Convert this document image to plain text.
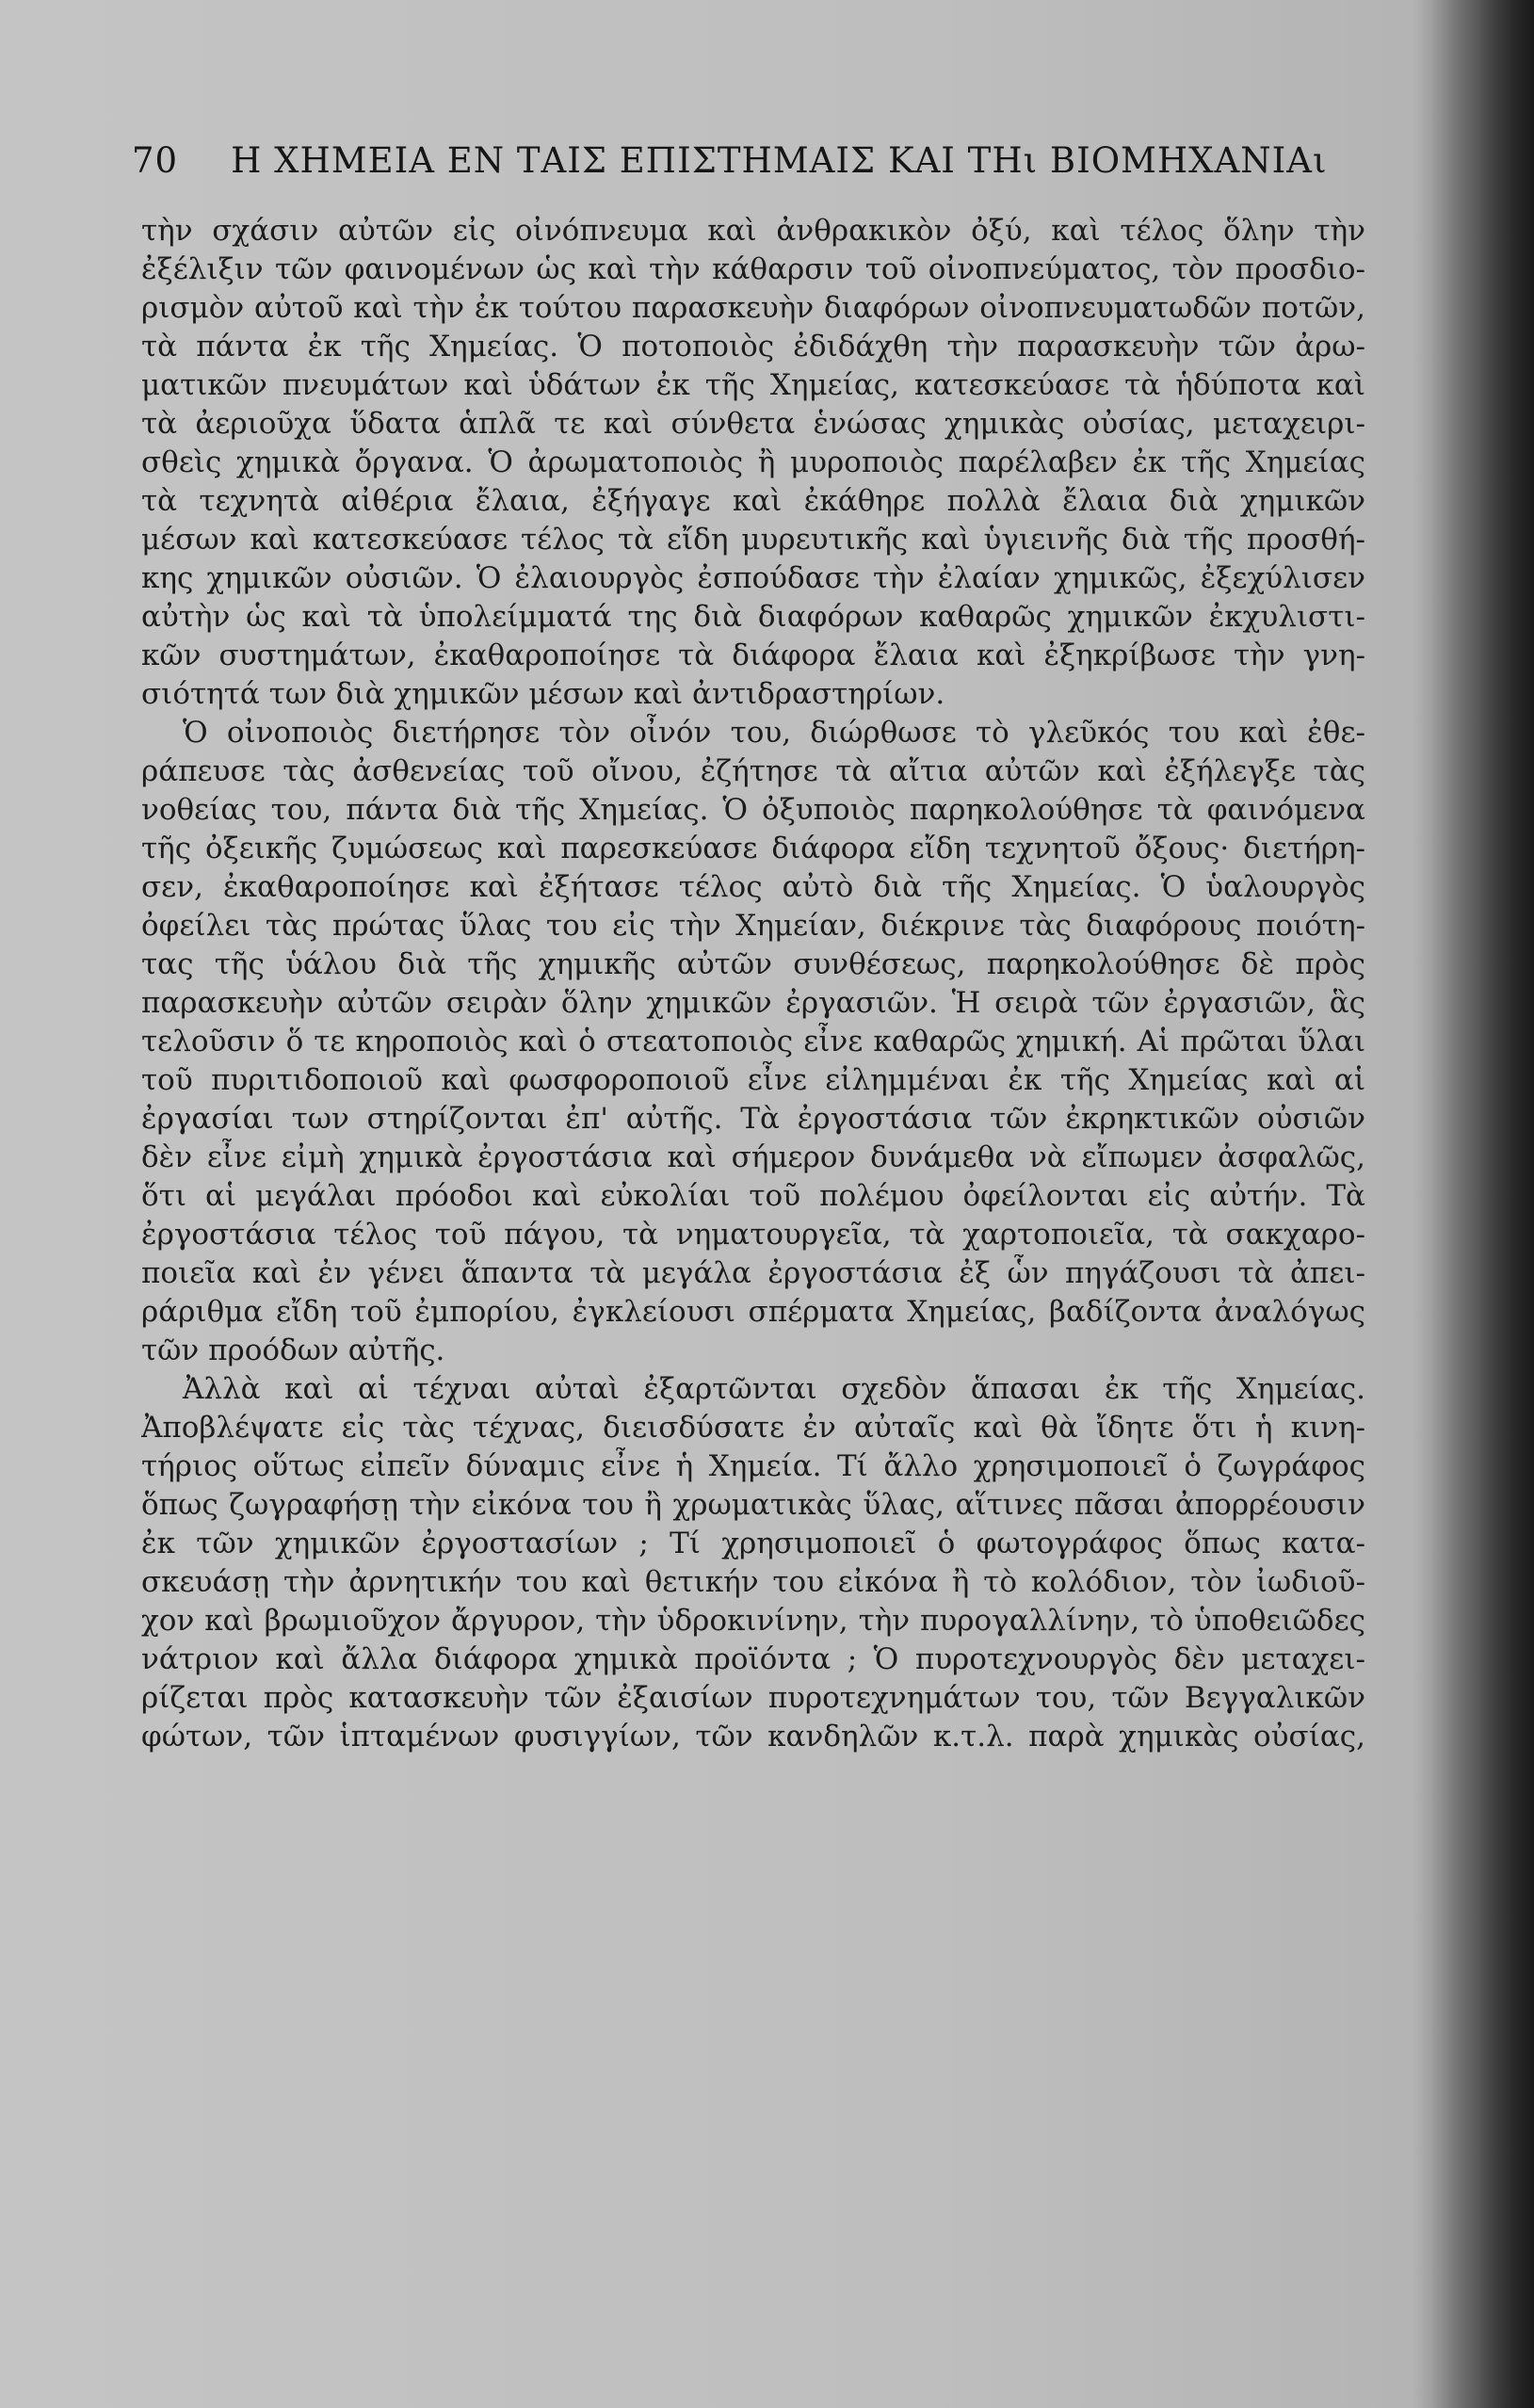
70 Η ΧΗΜΕΙΑ ΕΝ ΤΑΙΣ ΕΠΙΣΤΗΜΑΙΣ ΚΑΙ ΤΗι ΒΙΟΜΗΧΑΝΙΑι
τὴν σχάσιν αὐτῶν εἰς οἰνόπνευμα καὶ ἀνθρακικὸν ὀξύ, καὶ τέλος ὅλην τὴν
ἐξέλιξιν τῶν φαινομένων ὡς καὶ τὴν κάθαρσιν τοῦ οἰνοπνεύματος, τὸν προσδιο-
ρισμὸν αὐτοῦ καὶ τὴν ἐκ τούτου παρασκευὴν διαφόρων οἰνοπνευματωδῶν ποτῶν,
τὰ πάντα ἐκ τῆς Χημείας. Ὁ ποτοποιὸς ἐδιδάχθη τὴν παρασκευὴν τῶν ἀρω-
ματικῶν πνευμάτων καὶ ὑδάτων ἐκ τῆς Χημείας, κατεσκεύασε τὰ ἡδύποτα καὶ
τὰ ἀεριοῦχα ὕδατα ἁπλᾶ τε καὶ σύνθετα ἑνώσας χημικὰς οὐσίας, μεταχειρι-
σθεὶς χημικὰ ὄργανα. Ὁ ἀρωματοποιὸς ἢ μυροποιὸς παρέλαβεν ἐκ τῆς Χημείας
τὰ τεχνητὰ αἰθέρια ἔλαια, ἐξήγαγε καὶ ἐκάθηρε πολλὰ ἔλαια διὰ χημικῶν
μέσων καὶ κατεσκεύασε τέλος τὰ εἴδη μυρευτικῆς καὶ ὑγιεινῆς διὰ τῆς προσθή-
κης χημικῶν οὐσιῶν. Ὁ ἐλαιουργὸς ἐσπούδασε τὴν ἐλαίαν χημικῶς, ἐξεχύλισεν
αὐτὴν ὡς καὶ τὰ ὑπολείμματά της διὰ διαφόρων καθαρῶς χημικῶν ἐκχυλιστι-
κῶν συστημάτων, ἐκαθαροποίησε τὰ διάφορα ἔλαια καὶ ἐξηκρίβωσε τὴν γνη-
σιότητά των διὰ χημικῶν μέσων καὶ ἀντιδραστηρίων.
Ὁ οἰνοποιὸς διετήρησε τὸν οἶνόν του, διώρθωσε τὸ γλεῦκός του καὶ ἐθε-
ράπευσε τὰς ἀσθενείας τοῦ οἴνου, ἐζήτησε τὰ αἴτια αὐτῶν καὶ ἐξήλεγξε τὰς
νοθείας του, πάντα διὰ τῆς Χημείας. Ὁ ὀξυποιὸς παρηκολούθησε τὰ φαινόμενα
τῆς ὀξεικῆς ζυμώσεως καὶ παρεσκεύασε διάφορα εἴδη τεχνητοῦ ὄξους· διετήρη-
σεν, ἐκαθαροποίησε καὶ ἐξήτασε τέλος αὐτὸ διὰ τῆς Χημείας. Ὁ ὑαλουργὸς
ὀφείλει τὰς πρώτας ὕλας του εἰς τὴν Χημείαν, διέκρινε τὰς διαφόρους ποιότη-
τας τῆς ὑάλου διὰ τῆς χημικῆς αὐτῶν συνθέσεως, παρηκολούθησε δὲ πρὸς
παρασκευὴν αὐτῶν σειρὰν ὅλην χημικῶν ἐργασιῶν. Ἡ σειρὰ τῶν ἐργασιῶν, ἃς
τελοῦσιν ὅ τε κηροποιὸς καὶ ὁ στεατοποιὸς εἶνε καθαρῶς χημική. Αἱ πρῶται ὕλαι
τοῦ πυριτιδοποιοῦ καὶ φωσφοροποιοῦ εἶνε εἰλημμέναι ἐκ τῆς Χημείας καὶ αἱ
ἐργασίαι των στηρίζονται ἐπ' αὐτῆς. Τὰ ἐργοστάσια τῶν ἐκρηκτικῶν οὐσιῶν
δὲν εἶνε εἰμὴ χημικὰ ἐργοστάσια καὶ σήμερον δυνάμεθα νὰ εἴπωμεν ἀσφαλῶς,
ὅτι αἱ μεγάλαι πρόοδοι καὶ εὐκολίαι τοῦ πολέμου ὀφείλονται εἰς αὐτήν. Τὰ
ἐργοστάσια τέλος τοῦ πάγου, τὰ νηματουργεῖα, τὰ χαρτοποιεῖα, τὰ σακχαρο-
ποιεῖα καὶ ἐν γένει ἅπαντα τὰ μεγάλα ἐργοστάσια ἐξ ὧν πηγάζουσι τὰ ἀπει-
ράριθμα εἴδη τοῦ ἐμπορίου, ἐγκλείουσι σπέρματα Χημείας, βαδίζοντα ἀναλόγως
τῶν προόδων αὐτῆς.
Ἀλλὰ καὶ αἱ τέχναι αὐταὶ ἐξαρτῶνται σχεδὸν ἅπασαι ἐκ τῆς Χημείας.
Ἀποβλέψατε εἰς τὰς τέχνας, διεισδύσατε ἐν αὐταῖς καὶ θὰ ἴδητε ὅτι ἡ κινη-
τήριος οὕτως εἰπεῖν δύναμις εἶνε ἡ Χημεία. Τί ἄλλο χρησιμοποιεῖ ὁ ζωγράφος
ὅπως ζωγραφήσῃ τὴν εἰκόνα του ἢ χρωματικὰς ὕλας, αἵτινες πᾶσαι ἀπορρέουσιν
ἐκ τῶν χημικῶν ἐργοστασίων ; Τί χρησιμοποιεῖ ὁ φωτογράφος ὅπως κατα-
σκευάσῃ τὴν ἀρνητικήν του καὶ θετικήν του εἰκόνα ἢ τὸ κολόδιον, τὸν ἰωδιοῦ-
χον καὶ βρωμιοῦχον ἄργυρον, τὴν ὑδροκινίνην, τὴν πυρογαλλίνην, τὸ ὑποθειῶδες
νάτριον καὶ ἄλλα διάφορα χημικὰ προϊόντα ; Ὁ πυροτεχνουργὸς δὲν μεταχει-
ρίζεται πρὸς κατασκευὴν τῶν ἐξαισίων πυροτεχνημάτων του, τῶν Βεγγαλικῶν
φώτων, τῶν ἱπταμένων φυσιγγίων, τῶν κανδηλῶν κ.τ.λ. παρὰ χημικὰς οὐσίας,
